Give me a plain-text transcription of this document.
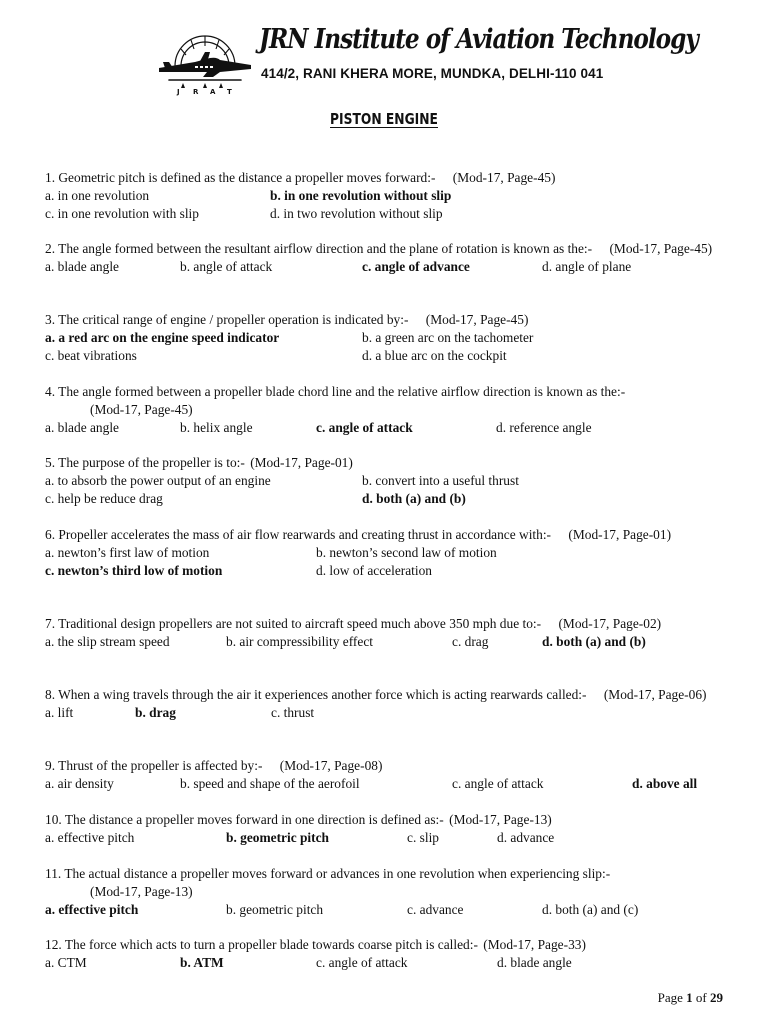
J R A T
JRN Institute of Aviation Technology
414/2, RANI KHERA MORE, MUNDKA, DELHI-110 041
PISTON ENGINE

1. Geometric pitch is defined as the distance a propeller moves forward:- (Mod-17, Page-45)

a. in one revolution	b. in one revolution without slip
c. in one revolution with slip	d. in two revolution without slip

2. The angle formed between the resultant airflow direction and the plane of rotation is known as the:- (Mod-17, Page-45)

a. blade angle	b. angle of attack	c. angle of advance	d. angle of plane

3. The critical range of engine / propeller operation is indicated by:- (Mod-17, Page-45)

a. a red arc on the engine speed indicator	b. a green arc on the tachometer
c. beat vibrations	d. a blue arc on the cockpit

4. The angle formed between a propeller blade chord line and the relative airflow direction is known as the:-

(Mod-17, Page-45)
a. blade angle	b. helix angle	c. angle of attack	d. reference angle

5. The purpose of the propeller is to:- (Mod-17, Page-01)

a. to absorb the power output of an engine	b. convert into a useful thrust
c. help be reduce drag	d. both (a) and (b)

6. Propeller accelerates the mass of air flow rearwards and creating thrust in accordance with:- (Mod-17, Page-01)

a. newton’s first law of motion	b. newton’s second law of motion
c. newton’s third low of motion	d. low of acceleration

7. Traditional design propellers are not suited to aircraft speed much above 350 mph due to:- (Mod-17, Page-02)

a. the slip stream speed	b. air compressibility effect	c. drag	d. both (a) and (b)

8. When a wing travels through the air it experiences another force which is acting rearwards called:- (Mod-17, Page-06)

a. lift	b. drag	c. thrust

9. Thrust of the propeller is affected by:- (Mod-17, Page-08)

a. air density	b. speed and shape of the aerofoil	c. angle of attack	d. above all

10. The distance a propeller moves forward in one direction is defined as:- (Mod-17, Page-13)

a. effective pitch	b. geometric pitch	c. slip	d. advance

11. The actual distance a propeller moves forward or advances in one revolution when experiencing slip:-

(Mod-17, Page-13)
a. effective pitch	b. geometric pitch	c. advance	d. both (a) and (c)

12. The force which acts to turn a propeller blade towards coarse pitch is called:- (Mod-17, Page-33)

a. CTM	b. ATM	c. angle of attack	d. blade angle
Page 1 of 29
